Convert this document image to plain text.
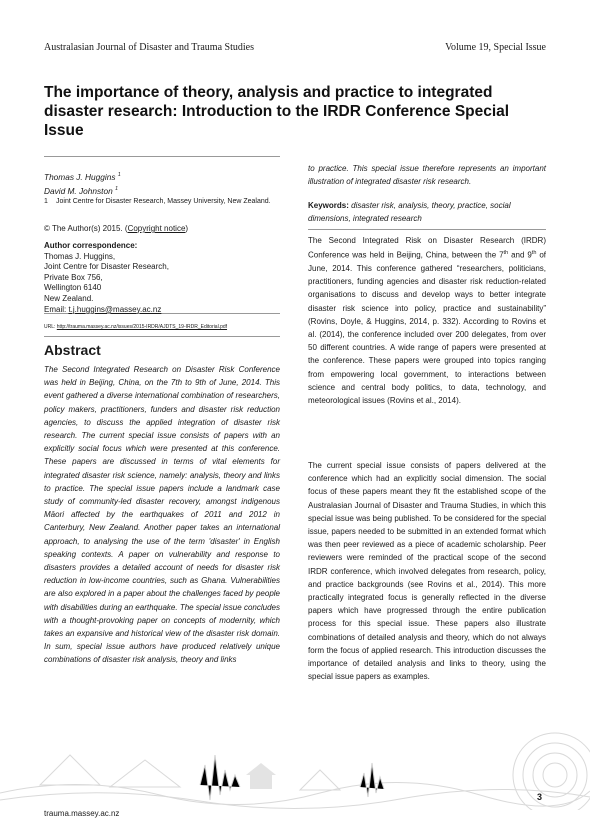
Australasian Journal of Disaster and Trauma Studies	Volume 19, Special Issue
The importance of theory, analysis and practice to integrated disaster research: Introduction to the IRDR Conference Special Issue
Thomas J. Huggins $^1$
David M. Johnston $^1$
1 Joint Centre for Disaster Research, Massey University, New Zealand.
© The Author(s) 2015. (Copyright notice)
Author correspondence:
Thomas J. Huggins,
Joint Centre for Disaster Research,
Private Box 756,
Wellington 6140
New Zealand.
Email: t.j.huggins@massey.ac.nz
URL: http://trauma.massey.ac.nz/issues/2015-IRDR/AJDTS_19-IRDR_Editorial.pdf
Abstract
The Second Integrated Research on Disaster Risk Conference was held in Beijing, China, on the 7th to 9th of June, 2014. This event gathered a diverse international combination of researchers, policy makers, practitioners, funders and disaster risk reduction agencies, to discuss the applied integration of disaster risk research. The current special issue consists of papers with an explicitly social focus which were presented at this conference. These papers are discussed in terms of vital elements for integrated disaster risk science, namely: analysis, theory and links to practice. The special issue papers include a landmark case study of community-led disaster recovery, amongst indigenous Māori affected by the earthquakes of 2011 and 2012 in Canterbury, New Zealand. Another paper takes an international approach, to analysing the use of the term 'disaster' in English speaking contexts. A paper on vulnerability and response to disasters provides a detailed account of needs for disaster risk reduction in low-income countries, such as Ghana. Vulnerabilities are also explored in a paper about the challenges faced by people with disabilities during an earthquake. The special issue concludes with a thought-provoking paper on concepts of modernity, which takes an expansive and historical view of the disaster risk domain. In sum, special issue authors have produced relatively unique combinations of disaster risk analysis, theory and links
to practice. This special issue therefore represents an important illustration of integrated disaster risk research.
Keywords: disaster risk, analysis, theory, practice, social dimensions, integrated research
The Second Integrated Risk on Disaster Research (IRDR) Conference was held in Beijing, China, between the 7th and 9th of June, 2014. This conference gathered “researchers, politicians, practitioners, funding agencies and disaster risk reduction-related organisations to discuss and develop ways to better integrate disaster risk science into policy, practice and sustainability” (Rovins, Doyle, & Huggins, 2014, p. 332). According to Rovins et al. (2014), the conference included over 200 delegates, from over 50 different countries. A wide range of papers were presented at the conference. These papers were grouped into topics ranging from empowering local government, to interactions between science and central body politics, to data, technology, and meteorological issues (Rovins et al., 2014).
The current special issue consists of papers delivered at the conference which had an explicitly social dimension. The social focus of these papers meant they fit the established scope of the Australasian Journal of Disaster and Trauma Studies, in which this special issue was being published. To be considered for the special issue, papers needed to be submitted in an extended format which was then peer reviewed as a piece of academic scholarship. Peer reviewers were reminded of the practical scope of the second IRDR conference, which involved delegates from research, policy, and practice backgrounds (see Rovins et al., 2014). This more practically integrated focus is generally reflected in the diverse papers which have progressed through the entire publication process for this special issue. These papers also illustrate combinations of detailed analysis and theory, which do not always form the focus of applied research. This introduction discusses the importance of detailed analysis and links to theory, using the special issue papers as examples.
trauma.massey.ac.nz
3
